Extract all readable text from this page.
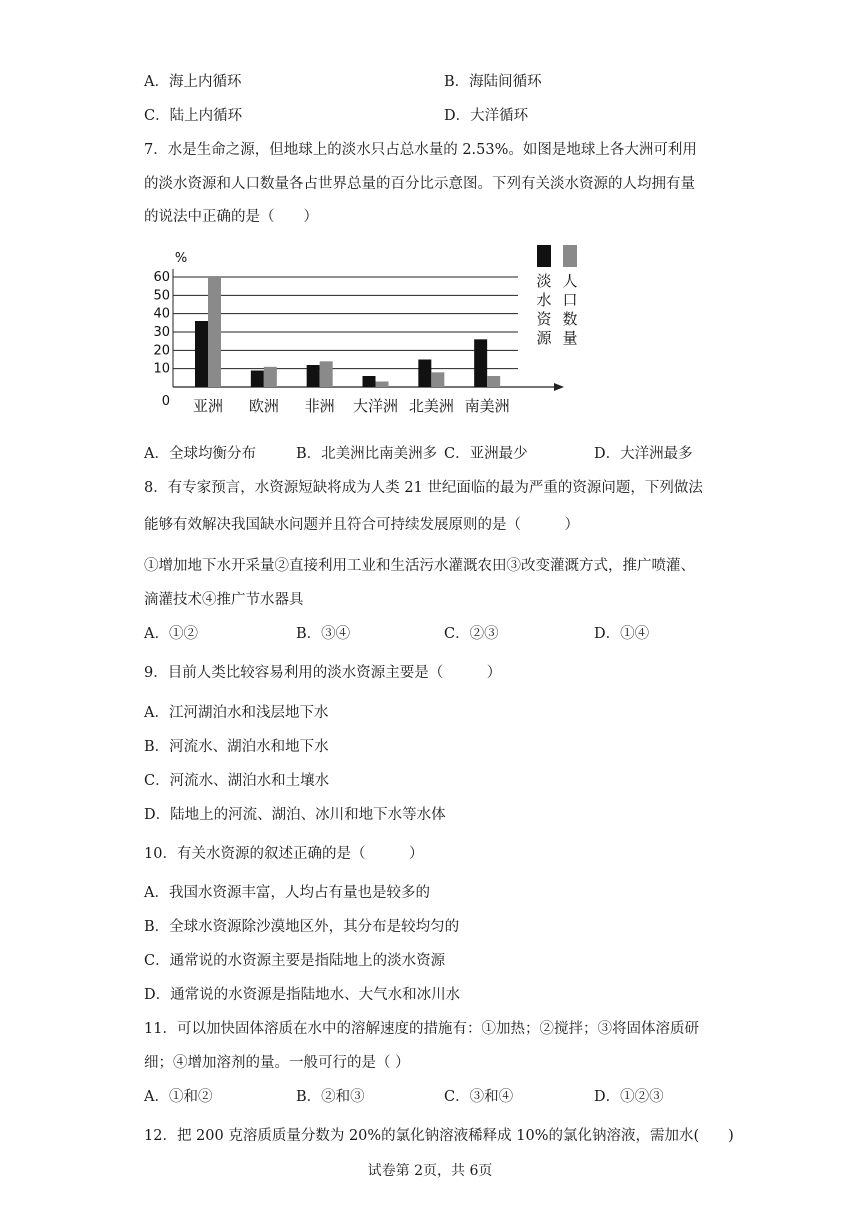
A．海上内循环	B．海陆间循环
C．陆上内循环	D．大洋循环
7．水是生命之源，但地球上的淡水只占总水量的 2.53%。如图是地球上各大洲可利用
的淡水资源和人口数量各占世界总量的百分比示意图。下列有关淡水资源的人均拥有量
的说法中正确的是（　　）
%
0
10
20
30
40
50
60
亚洲 欧洲 非洲 大洋洲 北美洲 南美洲
淡
水
资
源
人
口
数
量
A．全球均衡分布	B．北美洲比南美洲多 C．亚洲最少	D．大洋洲最多
8．有专家预言，水资源短缺将成为人类 21 世纪面临的最为严重的资源问题，下列做法
能够有效解决我国缺水问题并且符合可持续发展原则的是（　　　）
①增加地下水开采量②直接利用工业和生活污水灌溉农田③改变灌溉方式，推广喷灌、
滴灌技术④推广节水器具
A．①②	B．③④	C．②③	D．①④
9．目前人类比较容易利用的淡水资源主要是（　　　）
A．江河湖泊水和浅层地下水
B．河流水、湖泊水和地下水
C．河流水、湖泊水和土壤水
D．陆地上的河流、湖泊、冰川和地下水等水体
10．有关水资源的叙述正确的是（　　　）
A．我国水资源丰富，人均占有量也是较多的
B．全球水资源除沙漠地区外，其分布是较均匀的
C．通常说的水资源主要是指陆地上的淡水资源
D．通常说的水资源是指陆地水、大气水和冰川水
11．可以加快固体溶质在水中的溶解速度的措施有：①加热；②搅拌；③将固体溶质研
细；④增加溶剂的量。一般可行的是（ ）
A．①和②	B．②和③	C．③和④	D．①②③
12．把 200 克溶质质量分数为 20%的氯化钠溶液稀释成 10%的氯化钠溶液，需加水(　　)
试卷第 2页，共 6页
